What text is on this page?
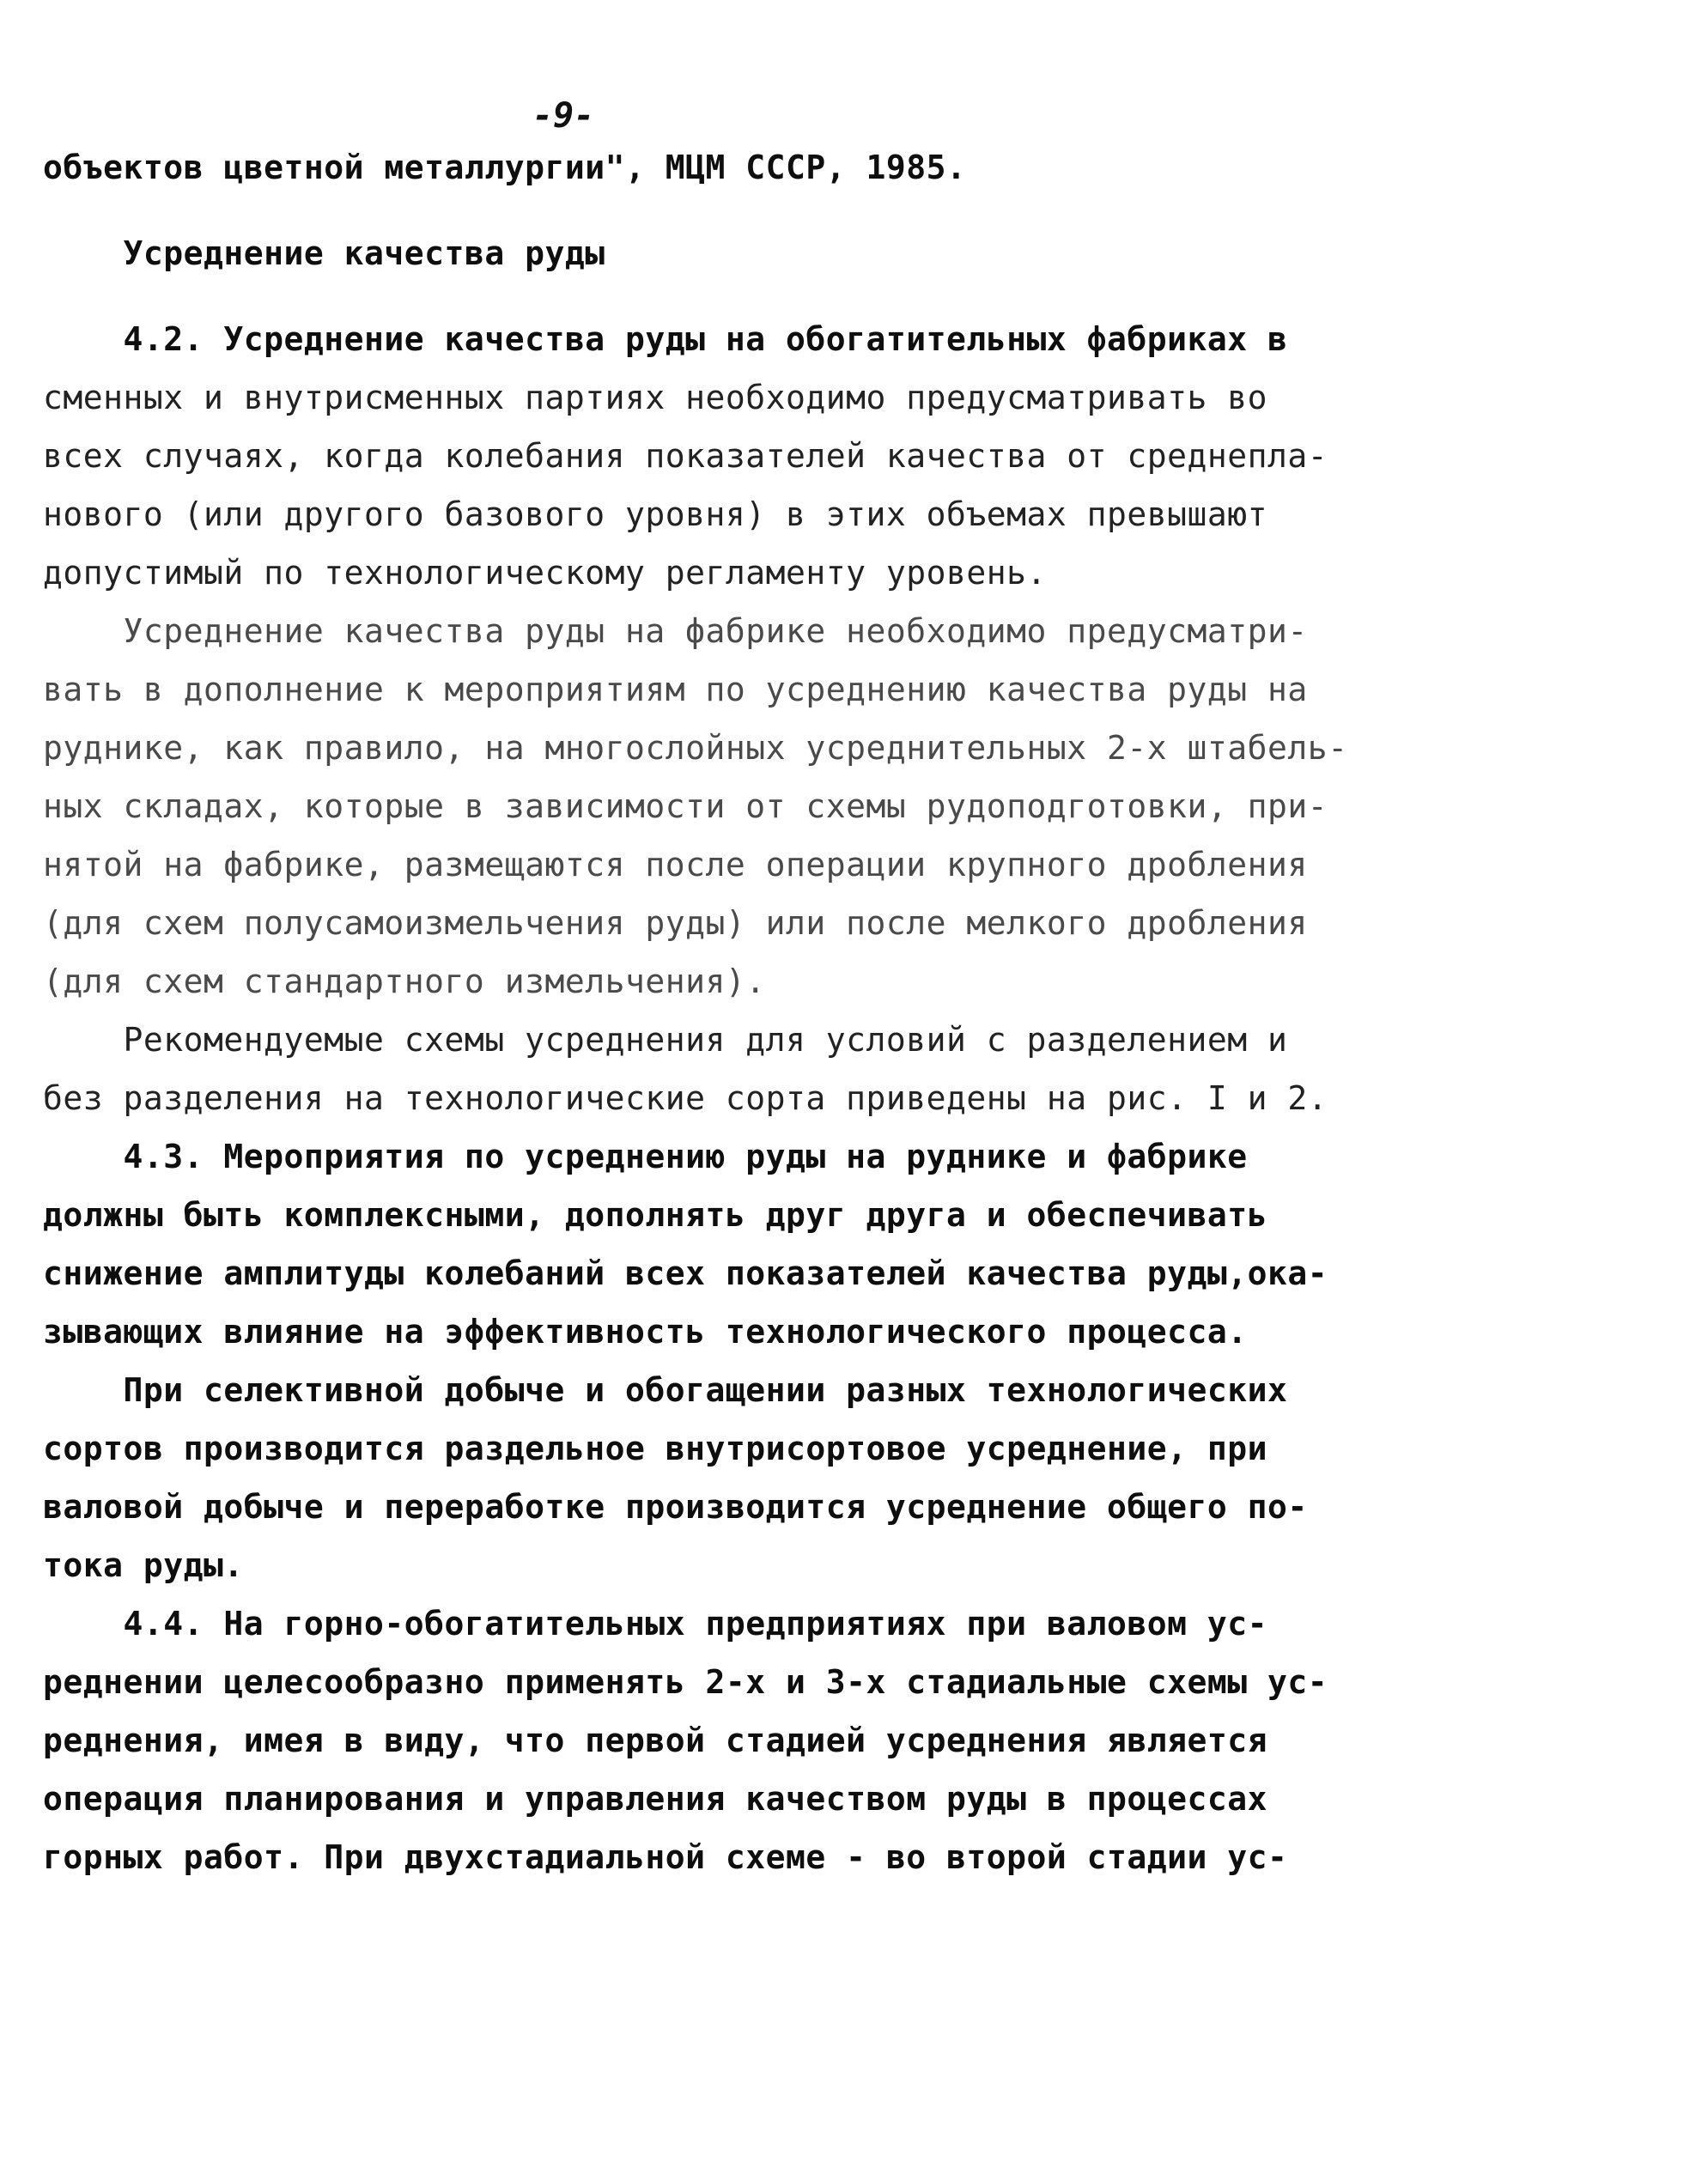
-9-
объектов цветной металлургии", МЦМ СССР, 1985.
Усреднение качества руды
4.2. Усреднение качества руды на обогатительных фабриках в
сменных и внутрисменных партиях необходимо предусматривать во
всех случаях, когда колебания показателей качества от среднепла-
нового (или другого базового уровня) в этих объемах превышают
допустимый по технологическому регламенту уровень.
Усреднение качества руды на фабрике необходимо предусматри-
вать в дополнение к мероприятиям по усреднению качества руды на
руднике, как правило, на многослойных усреднительных 2-х штабель-
ных складах, которые в зависимости от схемы рудоподготовки, при-
нятой на фабрике, размещаются после операции крупного дробления
(для схем полусамоизмельчения руды) или после мелкого дробления
(для схем стандартного измельчения).
Рекомендуемые схемы усреднения для условий с разделением и
без разделения на технологические сорта приведены на рис. I и 2.
4.3. Мероприятия по усреднению руды на руднике и фабрике
должны быть комплексными, дополнять друг друга и обеспечивать
снижение амплитуды колебаний всех показателей качества руды,ока-
зывающих влияние на эффективность технологического процесса.
При селективной добыче и обогащении разных технологических
сортов производится раздельное внутрисортовое усреднение, при
валовой добыче и переработке производится усреднение общего по-
тока руды.
4.4. На горно-обогатительных предприятиях при валовом ус-
реднении целесообразно применять 2-х и 3-х стадиальные схемы ус-
реднения, имея в виду, что первой стадией усреднения является
операция планирования и управления качеством руды в процессах
горных работ. При двухстадиальной схеме - во второй стадии ус-
